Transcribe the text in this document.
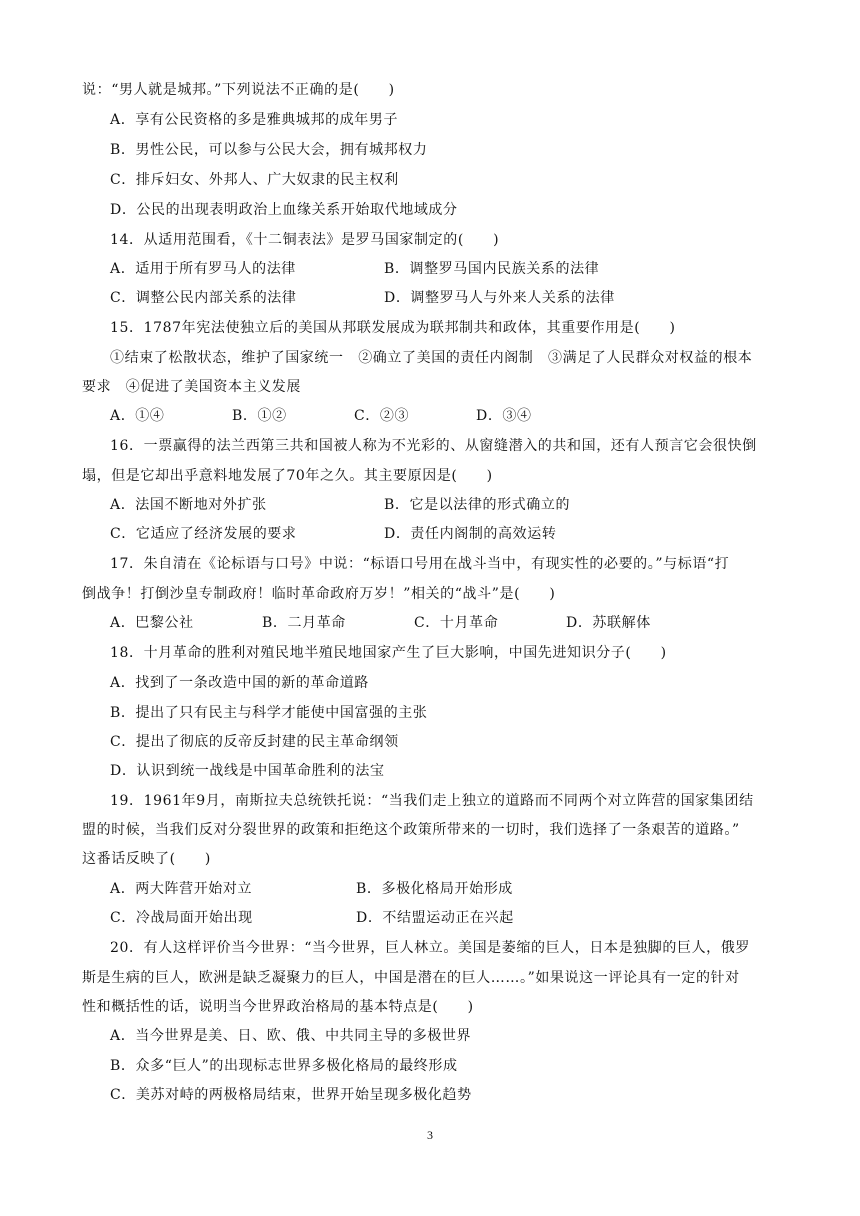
说：“男人就是城邦。”下列说法不正确的是(　　)
A．享有公民资格的多是雅典城邦的成年男子
B．男性公民，可以参与公民大会，拥有城邦权力
C．排斥妇女、外邦人、广大奴隶的民主权利
D．公民的出现表明政治上血缘关系开始取代地域成分
14．从适用范围看，《十二铜表法》是罗马国家制定的(　　)
A．适用于所有罗马人的法律	B．调整罗马国内民族关系的法律
C．调整公民内部关系的法律	D．调整罗马人与外来人关系的法律
15．1787年宪法使独立后的美国从邦联发展成为联邦制共和政体，其重要作用是(　　)
①结束了松散状态，维护了国家统一　②确立了美国的责任内阁制　③满足了人民群众对权益的根本
要求　④促进了美国资本主义发展
A．①④	B．①②	C．②③	D．③④
16．一票赢得的法兰西第三共和国被人称为不光彩的、从窗缝潜入的共和国，还有人预言它会很快倒
塌，但是它却出乎意料地发展了70年之久。其主要原因是(　　)
A．法国不断地对外扩张	B．它是以法律的形式确立的
C．它适应了经济发展的要求	D．责任内阁制的高效运转
17．朱自清在《论标语与口号》中说：“标语口号用在战斗当中，有现实性的必要的。”与标语“打
倒战争！打倒沙皇专制政府！临时革命政府万岁！”相关的“战斗”是(　　)
A．巴黎公社	B．二月革命	C．十月革命	D．苏联解体
18．十月革命的胜利对殖民地半殖民地国家产生了巨大影响，中国先进知识分子(　　)
A．找到了一条改造中国的新的革命道路
B．提出了只有民主与科学才能使中国富强的主张
C．提出了彻底的反帝反封建的民主革命纲领
D．认识到统一战线是中国革命胜利的法宝
19．1961年9月，南斯拉夫总统铁托说：“当我们走上独立的道路而不同两个对立阵营的国家集团结
盟的时候，当我们反对分裂世界的政策和拒绝这个政策所带来的一切时，我们选择了一条艰苦的道路。”
这番话反映了(　　)
A．两大阵营开始对立	B．多极化格局开始形成
C．冷战局面开始出现	D．不结盟运动正在兴起
20．有人这样评价当今世界：“当今世界，巨人林立。美国是萎缩的巨人，日本是独脚的巨人，俄罗
斯是生病的巨人，欧洲是缺乏凝聚力的巨人，中国是潜在的巨人……。”如果说这一评论具有一定的针对
性和概括性的话，说明当今世界政治格局的基本特点是(　　)
A．当今世界是美、日、欧、俄、中共同主导的多极世界
B．众多“巨人”的出现标志世界多极化格局的最终形成
C．美苏对峙的两极格局结束，世界开始呈现多极化趋势
3
